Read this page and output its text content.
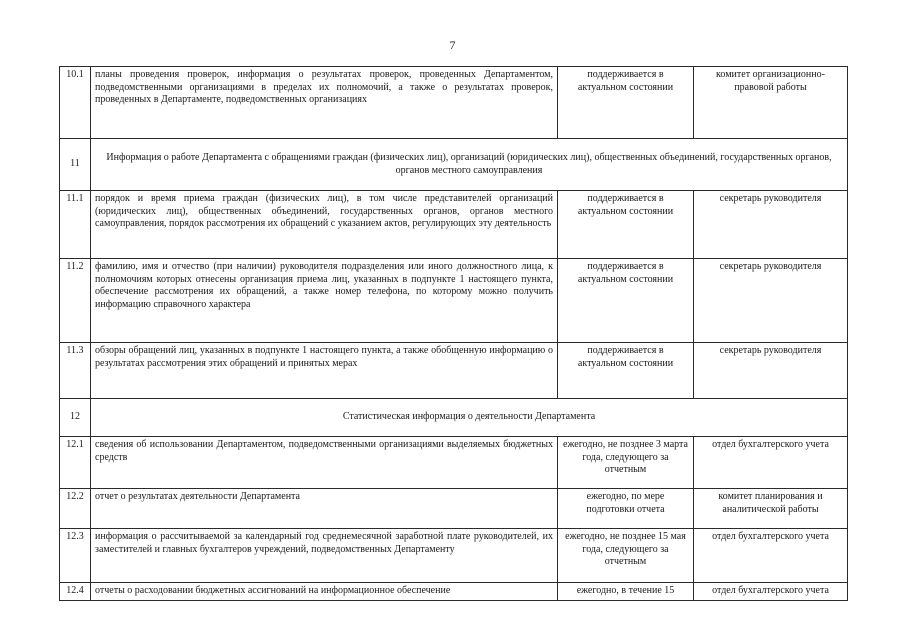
7
10.1	планы проведения проверок, информация о результатах проверок, проведенных Департаментом, подведомственными организациями в пределах их полномочий, а также о результатах проверок, проведенных в Департаменте, подведомственных организациях	поддерживается в актуальном состоянии	комитет организационно-правовой работы
11	Информация о работе Департамента с обращениями граждан (физических лиц), организаций (юридических лиц), общественных объединений, государственных органов, органов местного самоуправления		
11.1	порядок и время приема граждан (физических лиц), в том числе представителей организаций (юридических лиц), общественных объединений, государственных органов, органов местного самоуправления, порядок рассмотрения их обращений с указанием актов, регулирующих эту деятельность	поддерживается в актуальном состоянии	секретарь руководителя
11.2	фамилию, имя и отчество (при наличии) руководителя подразделения или иного должностного лица, к полномочиям которых отнесены организация приема лиц, указанных в подпункте 1 настоящего пункта, обеспечение рассмотрения их обращений, а также номер телефона, по которому можно получить информацию справочного характера	поддерживается в актуальном состоянии	секретарь руководителя
11.3	обзоры обращений лиц, указанных в подпункте 1 настоящего пункта, а также обобщенную информацию о результатах рассмотрения этих обращений и принятых мерах	поддерживается в актуальном состоянии	секретарь руководителя
12	Статистическая информация о деятельности Департамента		
12.1	сведения об использовании Департаментом, подведомственными организациями выделяемых бюджетных средств	ежегодно, не позднее 3 марта года, следующего за отчетным	отдел бухгалтерского учета
12.2	отчет о результатах деятельности Департамента	ежегодно, по мере подготовки отчета	комитет планирования и аналитической работы
12.3	информация о рассчитываемой за календарный год среднемесячной заработной плате руководителей, их заместителей и главных бухгалтеров учреждений, подведомственных Департаменту	ежегодно, не позднее 15 мая года, следующего за отчетным	отдел бухгалтерского учета
12.4	отчеты о расходовании бюджетных ассигнований на информационное обеспечение	ежегодно, в течение 15	отдел бухгалтерского учета
